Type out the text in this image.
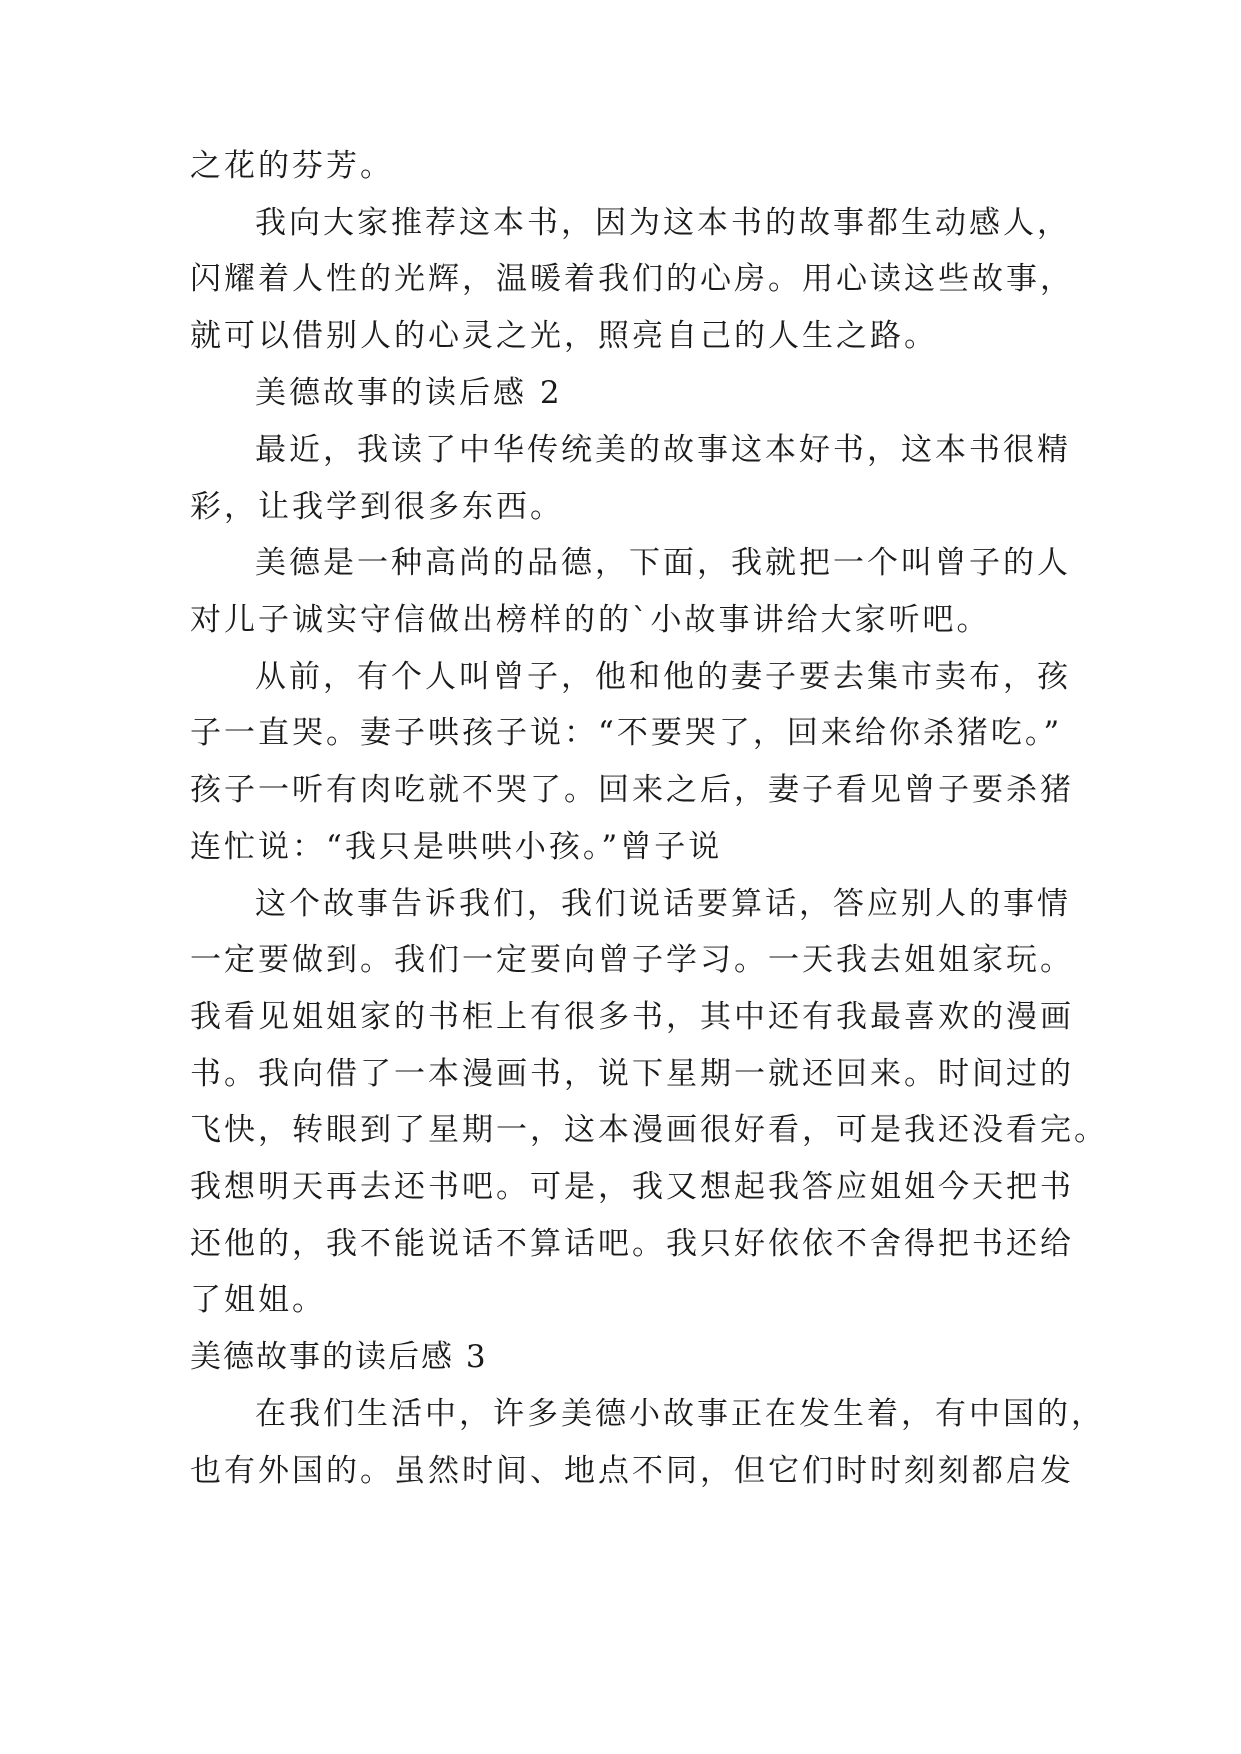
之花的芬芳。
我向大家推荐这本书，因为这本书的故事都生动感人，
闪耀着人性的光辉，温暖着我们的心房。用心读这些故事，
就可以借别人的心灵之光，照亮自己的人生之路。
美德故事的读后感 2
最近，我读了中华传统美的故事这本好书，这本书很精
彩，让我学到很多东西。
美德是一种高尚的品德，下面，我就把一个叫曾子的人
对儿子诚实守信做出榜样的的`小故事讲给大家听吧。
从前，有个人叫曾子，他和他的妻子要去集市卖布，孩
子一直哭。妻子哄孩子说：“不要哭了，回来给你杀猪吃。”
孩子一听有肉吃就不哭了。回来之后，妻子看见曾子要杀猪
连忙说：“我只是哄哄小孩。”曾子说
这个故事告诉我们，我们说话要算话，答应别人的事情
一定要做到。我们一定要向曾子学习。一天我去姐姐家玩。
我看见姐姐家的书柜上有很多书，其中还有我最喜欢的漫画
书。我向借了一本漫画书，说下星期一就还回来。时间过的
飞快，转眼到了星期一，这本漫画很好看，可是我还没看完。
我想明天再去还书吧。可是，我又想起我答应姐姐今天把书
还他的，我不能说话不算话吧。我只好依依不舍得把书还给
了姐姐。
美德故事的读后感 3
在我们生活中，许多美德小故事正在发生着，有中国的，
也有外国的。虽然时间、地点不同，但它们时时刻刻都启发
